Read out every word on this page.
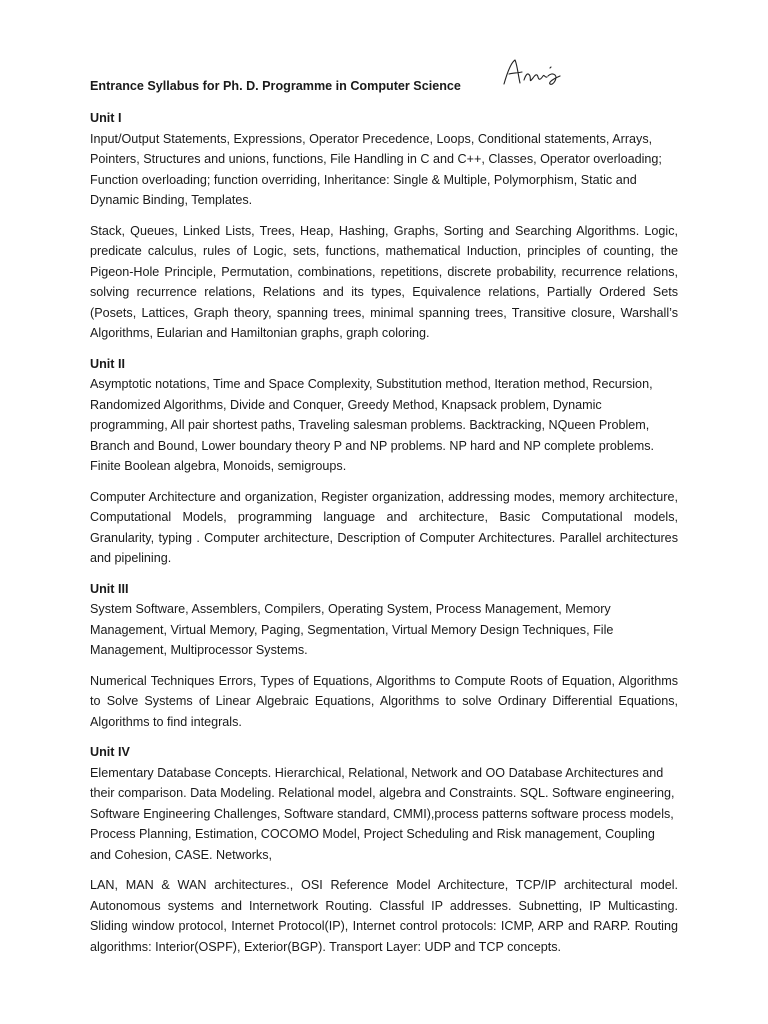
Entrance Syllabus for Ph. D. Programme in Computer Science
Unit I

Input/Output Statements, Expressions, Operator Precedence, Loops, Conditional statements, Arrays, Pointers, Structures and unions, functions, File Handling in C and C++, Classes, Operator overloading; Function overloading; function overriding, Inheritance: Single & Multiple, Polymorphism, Static and Dynamic Binding, Templates.

Stack, Queues, Linked Lists, Trees, Heap, Hashing, Graphs, Sorting and Searching Algorithms. Logic, predicate calculus, rules of Logic, sets, functions, mathematical Induction, principles of counting, the Pigeon-Hole Principle, Permutation, combinations, repetitions, discrete probability, recurrence relations, solving recurrence relations, Relations and its types, Equivalence relations, Partially Ordered Sets (Posets, Lattices, Graph theory, spanning trees, minimal spanning trees, Transitive closure, Warshall’s Algorithms, Eularian and Hamiltonian graphs, graph coloring.

Unit II

Asymptotic notations, Time and Space Complexity, Substitution method, Iteration method, Recursion, Randomized Algorithms, Divide and Conquer, Greedy Method, Knapsack problem, Dynamic programming, All pair shortest paths, Traveling salesman problems. Backtracking, NQueen Problem, Branch and Bound, Lower boundary theory P and NP problems. NP hard and NP complete problems. Finite Boolean algebra, Monoids, semigroups.

Computer Architecture and organization, Register organization, addressing modes, memory architecture, Computational Models, programming language and architecture, Basic Computational models, Granularity, typing . Computer architecture, Description of Computer Architectures. Parallel architectures and pipelining.

Unit III

System Software, Assemblers, Compilers, Operating System, Process Management, Memory Management, Virtual Memory, Paging, Segmentation, Virtual Memory Design Techniques, File Management, Multiprocessor Systems.

Numerical Techniques Errors, Types of Equations, Algorithms to Compute Roots of Equation, Algorithms to Solve Systems of Linear Algebraic Equations, Algorithms to solve Ordinary Differential Equations, Algorithms to find integrals.

Unit IV

Elementary Database Concepts. Hierarchical, Relational, Network and OO Database Architectures and their comparison. Data Modeling. Relational model, algebra and Constraints. SQL. Software engineering, Software Engineering Challenges, Software standard, CMMI),process patterns software process models, Process Planning, Estimation, COCOMO Model, Project Scheduling and Risk management, Coupling and Cohesion, CASE. Networks,

LAN, MAN & WAN architectures., OSI Reference Model Architecture, TCP/IP architectural model. Autonomous systems and Internetwork Routing. Classful IP addresses. Subnetting, IP Multicasting. Sliding window protocol, Internet Protocol(IP), Internet control protocols: ICMP, ARP and RARP. Routing algorithms: Interior(OSPF), Exterior(BGP). Transport Layer: UDP and TCP concepts.
